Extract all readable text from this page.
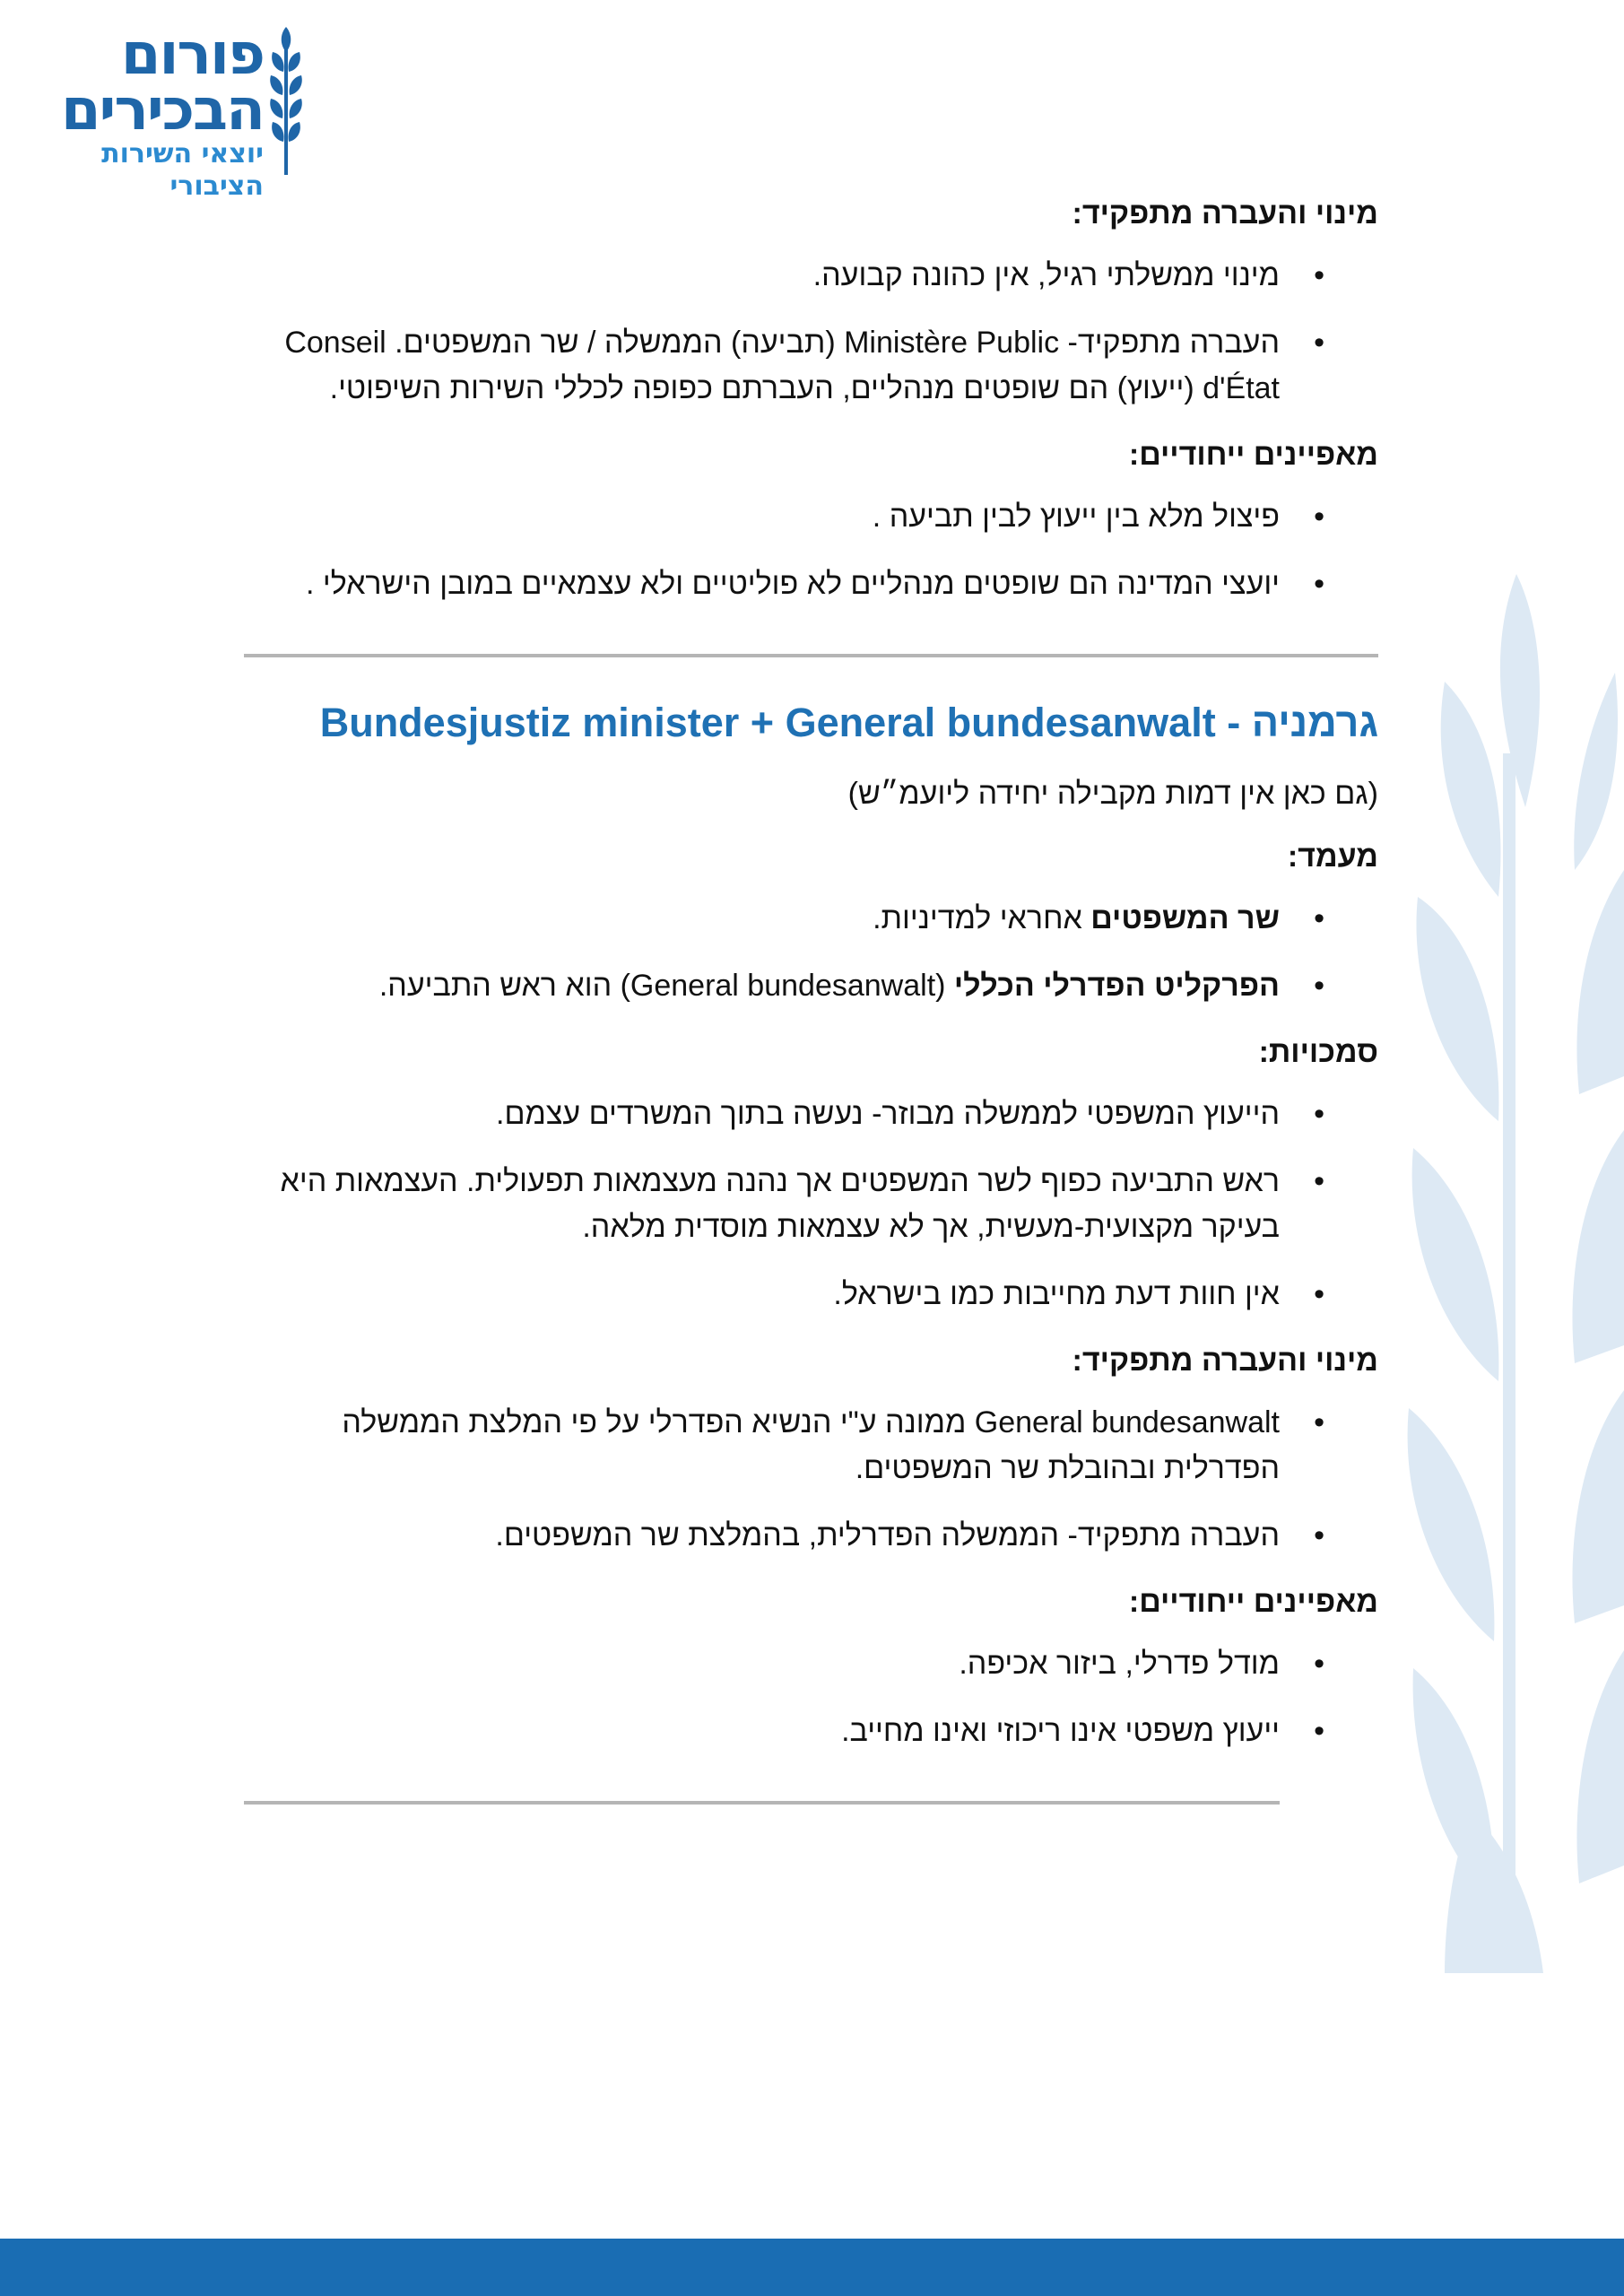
פורום
הבכירים
יוצאי השירות הציבורי
מינוי והעברה מתפקיד:
• מינוי ממשלתי רגיל, אין כהונה קבועה.
• העברה מתפקיד- Ministère Public (תביעה) הממשלה / שר המשפטים. Conseil d'État (ייעוץ) הם שופטים מנהליים, העברתם כפופה לכללי השירות השיפוטי.
מאפיינים ייחודיים:
• פיצול מלא בין ייעוץ לבין תביעה .
• יועצי המדינה הם שופטים מנהליים לא פוליטיים ולא עצמאיים במובן הישראלי .
גרמניה - Bundesjustiz minister + General bundesanwalt
(גם כאן אין דמות מקבילה יחידה ליועמ״ש)
מעמד:
• שר המשפטים אחראי למדיניות.
• הפרקליט הפדרלי הכללי (General bundesanwalt) הוא ראש התביעה.
סמכויות:
• הייעוץ המשפטי לממשלה מבוזר- נעשה בתוך המשרדים עצמם.
• ראש התביעה כפוף לשר המשפטים אך נהנה מעצמאות תפעולית. העצמאות היא בעיקר מקצועית-מעשית, אך לא עצמאות מוסדית מלאה.
• אין חוות דעת מחייבות כמו בישראל.
מינוי והעברה מתפקיד:
• General bundesanwalt ממונה ע"י הנשיא הפדרלי על פי המלצת הממשלה הפדרלית ובהובלת שר המשפטים.
• העברה מתפקיד- הממשלה הפדרלית, בהמלצת שר המשפטים.
מאפיינים ייחודיים:
• מודל פדרלי, ביזור אכיפה.
• ייעוץ משפטי אינו ריכוזי ואינו מחייב.
